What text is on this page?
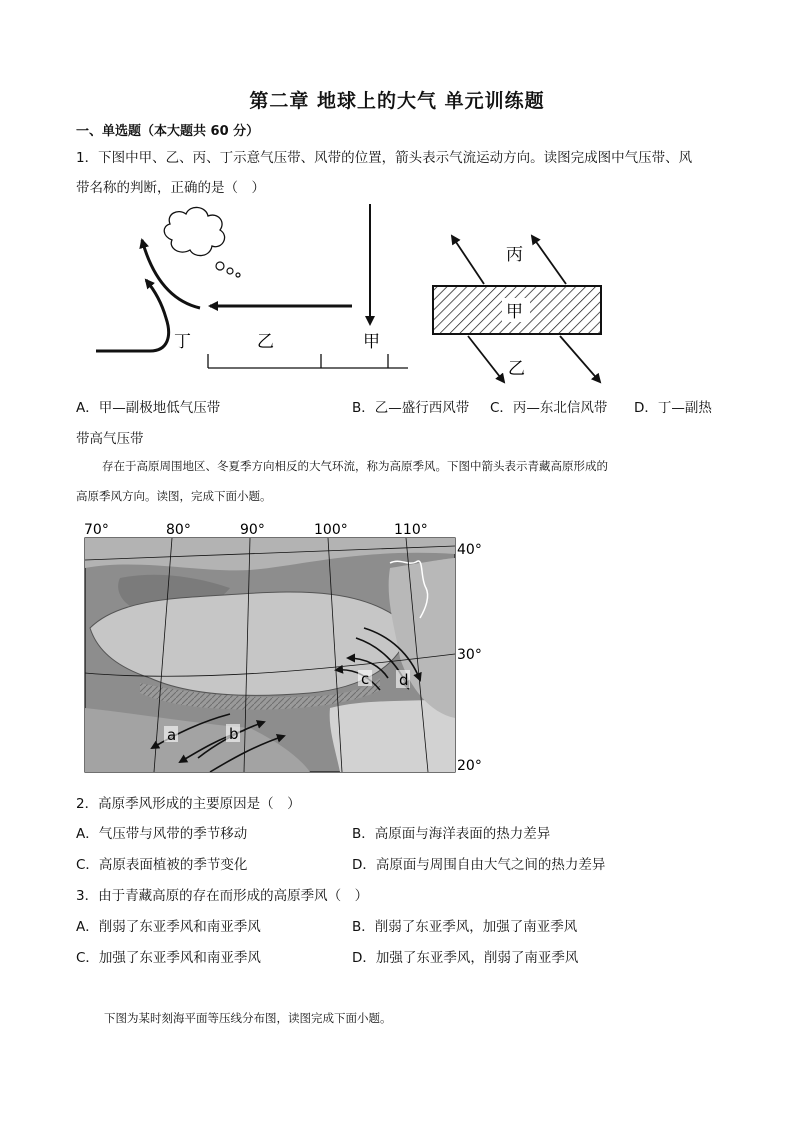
第二章 地球上的大气 单元训练题
一、单选题（本大题共 60 分）
1．下图中甲、乙、丙、丁示意气压带、风带的位置，箭头表示气流运动方向。读图完成图中气压带、风
带名称的判断，正确的是（　）
丁	乙	甲
丙
甲
乙
A．甲—副极地低气压带	B．乙—盛行西风带 C．丙—东北信风带 D．丁—副热
带高气压带
存在于高原周围地区、冬夏季方向相反的大气环流，称为高原季风。下图中箭头表示青藏高原形成的
高原季风方向。读图，完成下面小题。
70°	80°	90°	100°	110°
40°
30°
20°
a	b
c d
2．高原季风形成的主要原因是（　）
A．气压带与风带的季节移动	B．高原面与海洋表面的热力差异
C．高原表面植被的季节变化	D．高原面与周围自由大气之间的热力差异
3．由于青藏高原的存在而形成的高原季风（　）
A．削弱了东亚季风和南亚季风	B．削弱了东亚季风，加强了南亚季风
C．加强了东亚季风和南亚季风	D．加强了东亚季风，削弱了南亚季风
下图为某时刻海平面等压线分布图，读图完成下面小题。
